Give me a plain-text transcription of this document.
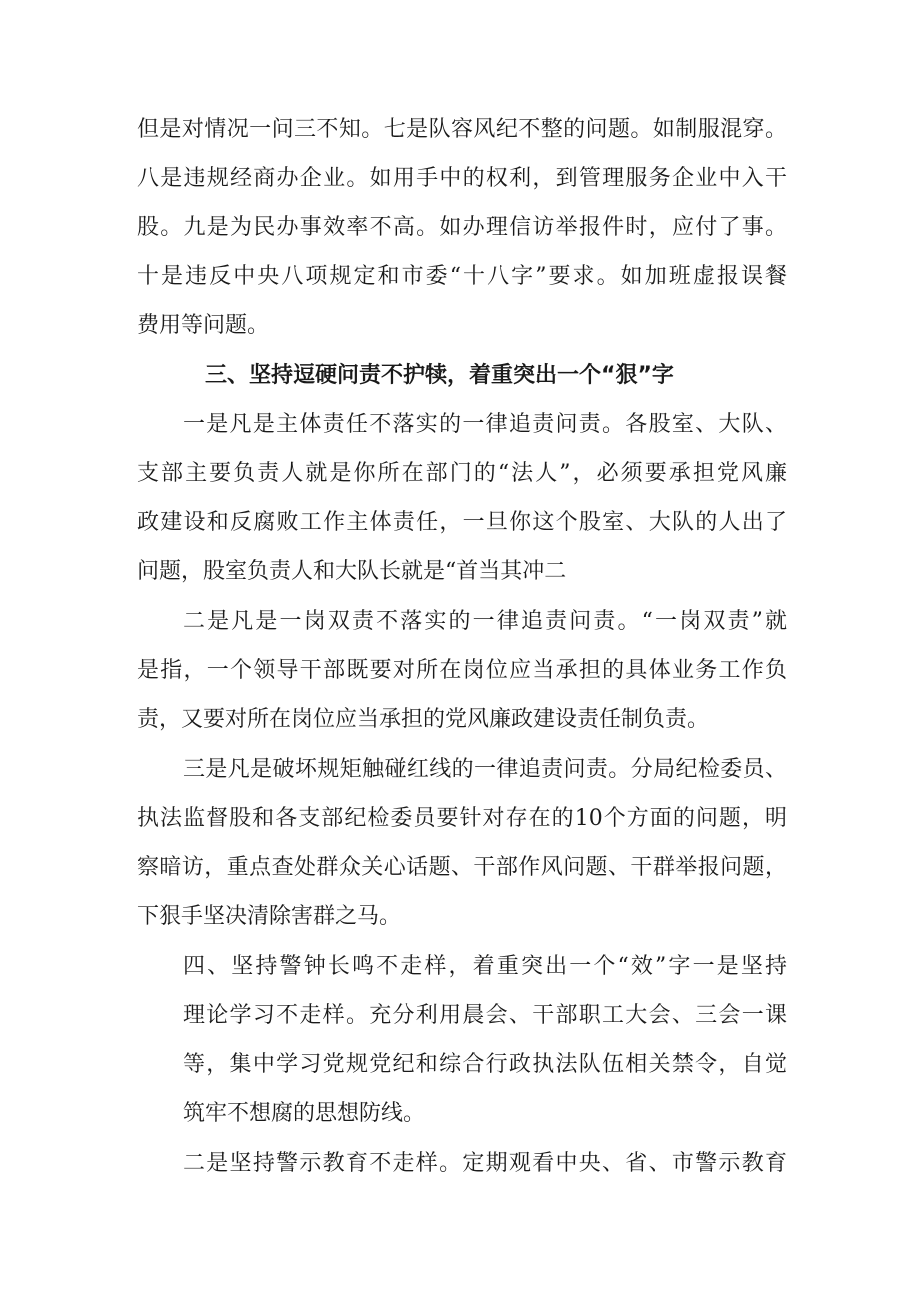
但是对情况一问三不知。七是队容风纪不整的问题。如制服混穿。
八是违规经商办企业。如用手中的权利，到管理服务企业中入干
股。九是为民办事效率不高。如办理信访举报件时，应付了事。
十是违反中央八项规定和市委“十八字”要求。如加班虚报误餐
费用等问题。
三、坚持逗硬问责不护犊，着重突出一个“狠”字
一是凡是主体责任不落实的一律追责问责。各股室、大队、
支部主要负责人就是你所在部门的“法人”，必须要承担党风廉
政建设和反腐败工作主体责任，一旦你这个股室、大队的人出了
问题，股室负责人和大队长就是“首当其冲二
二是凡是一岗双责不落实的一律追责问责。“一岗双责”就
是指，一个领导干部既要对所在岗位应当承担的具体业务工作负
责，又要对所在岗位应当承担的党风廉政建设责任制负责。
三是凡是破坏规矩触碰红线的一律追责问责。分局纪检委员、
执法监督股和各支部纪检委员要针对存在的10个方面的问题，明
察暗访，重点查处群众关心话题、干部作风问题、干群举报问题，
下狠手坚决清除害群之马。
四、坚持警钟长鸣不走样，着重突出一个“效”字一是坚持
理论学习不走样。充分利用晨会、干部职工大会、三会一课
等，集中学习党规党纪和综合行政执法队伍相关禁令，自觉
筑牢不想腐的思想防线。
二是坚持警示教育不走样。定期观看中央、省、市警示教育
